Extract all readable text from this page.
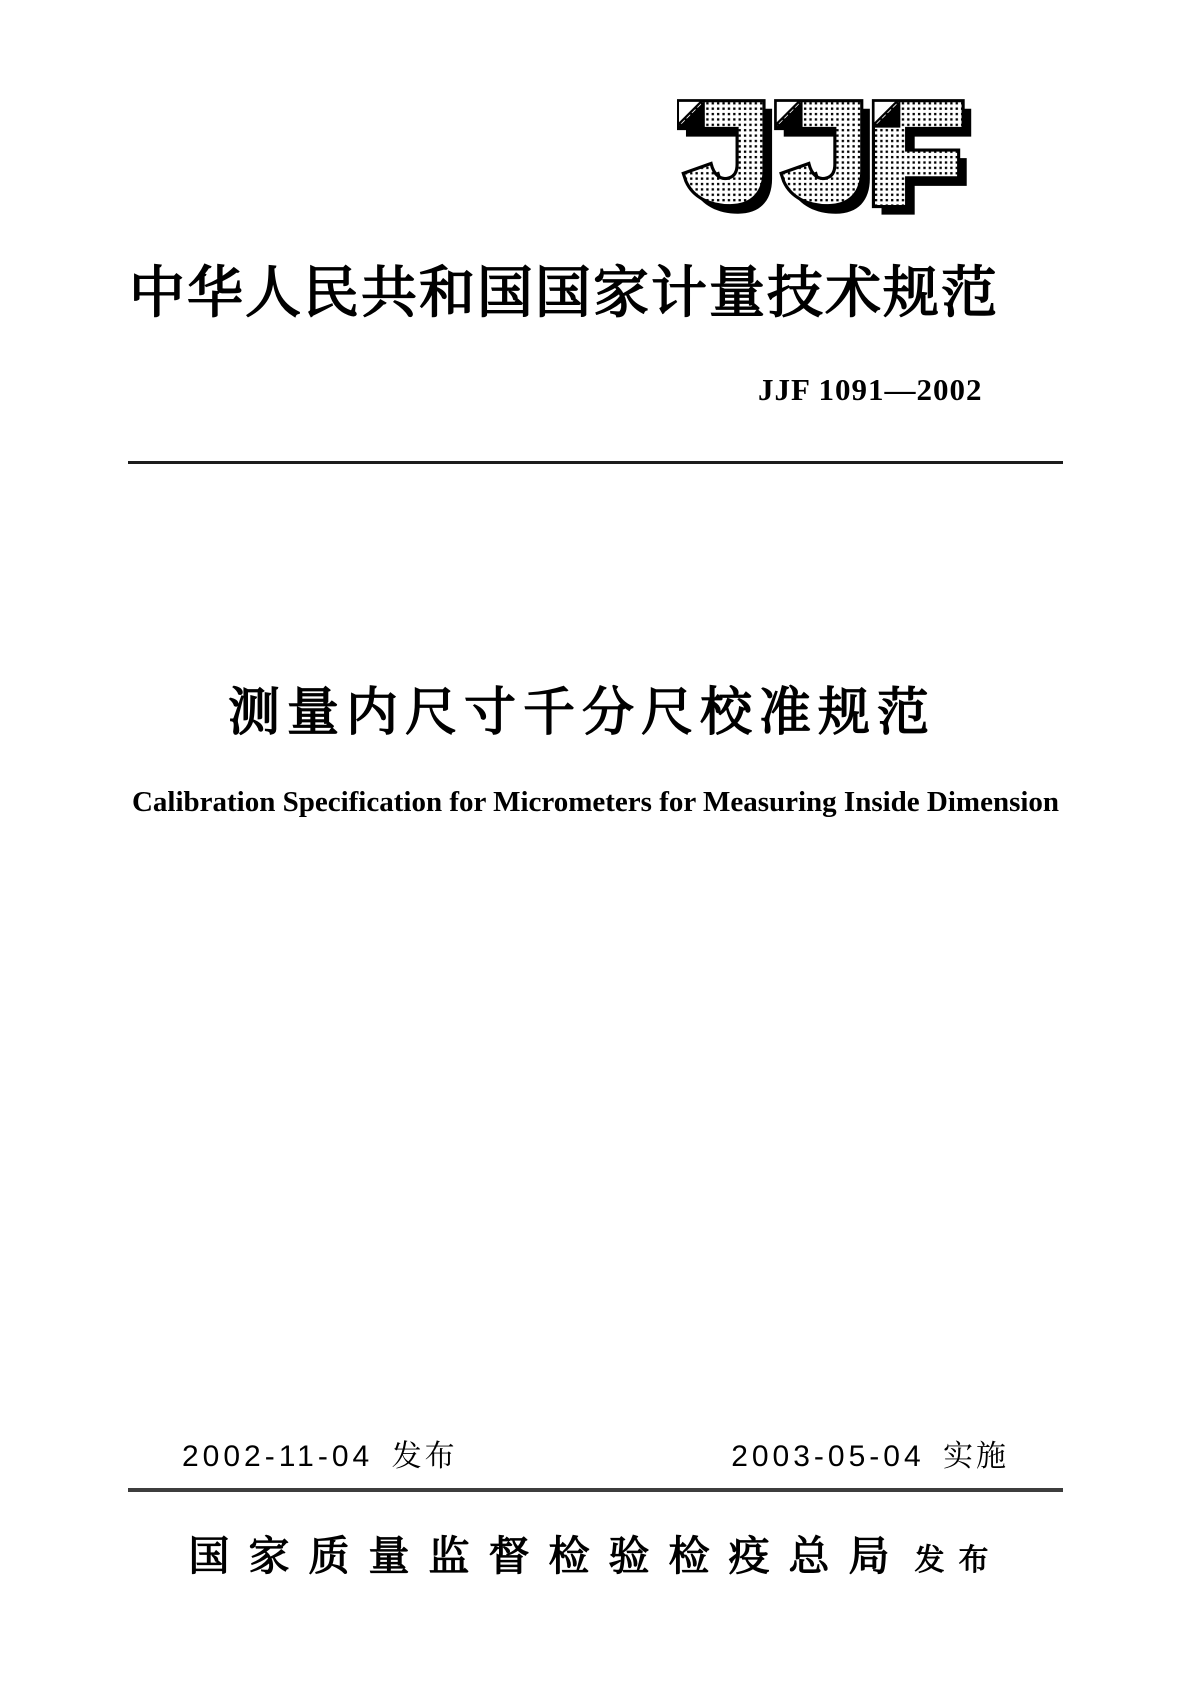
中华人民共和国国家计量技术规范
JJF 1091—2002
测量内尺寸千分尺校准规范
Calibration Specification for Micrometers for Measuring Inside Dimension
2002-11-04 发布	2003-05-04 实施
国家质量监督检验检疫总局 发布
